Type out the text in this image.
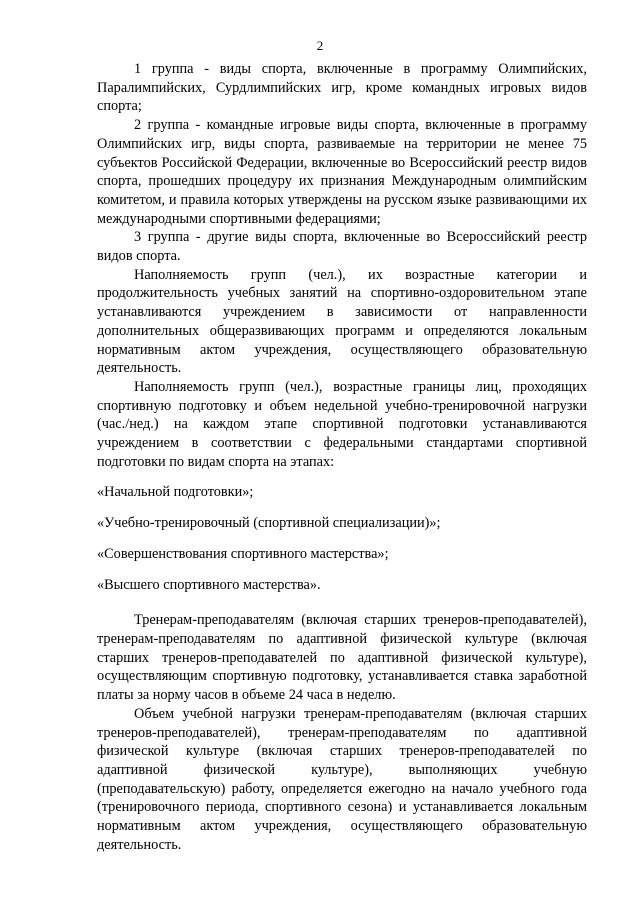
2

1 группа - виды спорта, включенные в программу Олимпийских, Паралимпийских, Сурдлимпийских игр, кроме командных игровых видов спорта;

2 группа - командные игровые виды спорта, включенные в программу Олимпийских игр, виды спорта, развиваемые на территории не менее 75 субъектов Российской Федерации, включенные во Всероссийский реестр видов спорта, прошедших процедуру их признания Международным олимпийским комитетом, и правила которых утверждены на русском языке развивающими их международными спортивными федерациями;

3 группа - другие виды спорта, включенные во Всероссийский реестр видов спорта.

Наполняемость групп (чел.), их возрастные категории и продолжительность учебных занятий на спортивно-оздоровительном этапе устанавливаются учреждением в зависимости от направленности дополнительных общеразвивающих программ и определяются локальным нормативным актом учреждения, осуществляющего образовательную деятельность.

Наполняемость групп (чел.), возрастные границы лиц, проходящих спортивную подготовку и объем недельной учебно-тренировочной нагрузки (час./нед.) на каждом этапе спортивной подготовки устанавливаются учреждением в соответствии с федеральными стандартами спортивной подготовки по видам спорта на этапах:

«Начальной подготовки»;

«Учебно-тренировочный (спортивной специализации)»;

«Совершенствования спортивного мастерства»;

«Высшего спортивного мастерства».

Тренерам-преподавателям (включая старших тренеров-преподавателей), тренерам-преподавателям по адаптивной физической культуре (включая старших тренеров-преподавателей по адаптивной физической культуре), осуществляющим спортивную подготовку, устанавливается ставка заработной платы за норму часов в объеме 24 часа в неделю.

Объем учебной нагрузки тренерам-преподавателям (включая старших тренеров-преподавателей), тренерам-преподавателям по адаптивной физической культуре (включая старших тренеров-преподавателей по адаптивной физической культуре), выполняющих учебную (преподавательскую) работу, определяется ежегодно на начало учебного года (тренировочного периода, спортивного сезона) и устанавливается локальным нормативным актом учреждения, осуществляющего образовательную деятельность.
